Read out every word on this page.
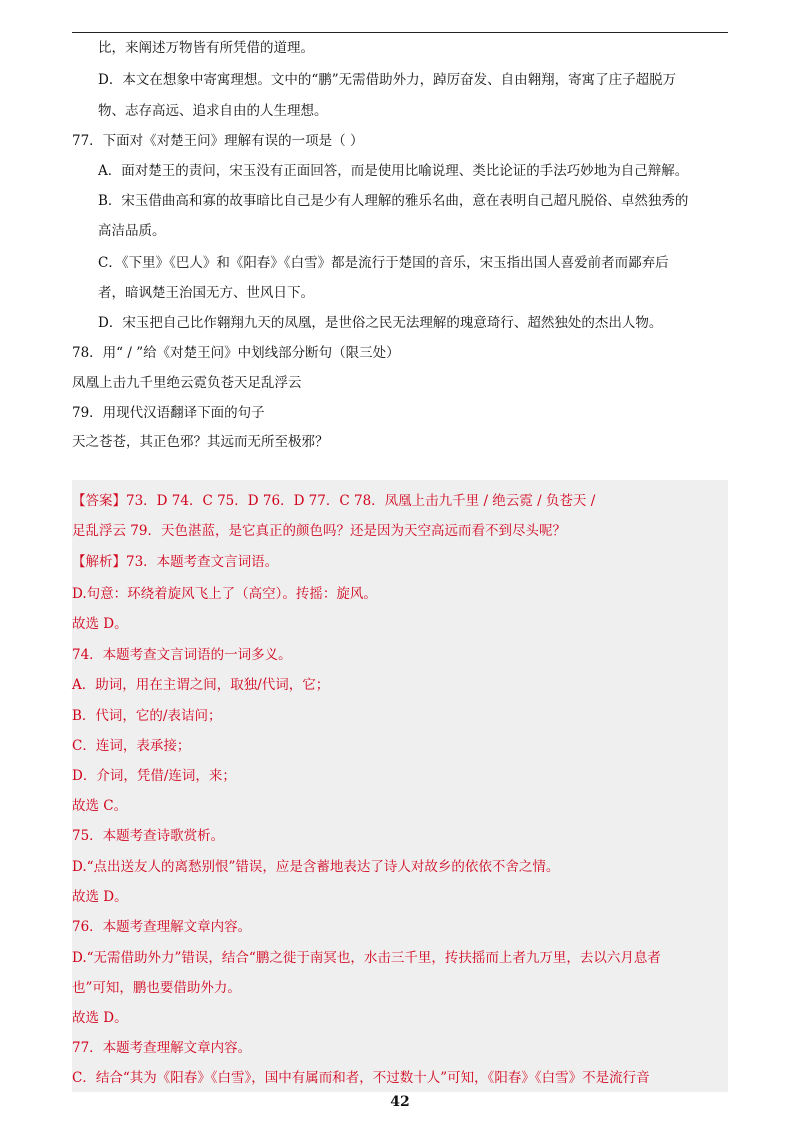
比，来阐述万物皆有所凭借的道理。
D．本文在想象中寄寓理想。文中的“鹏”无需借助外力，踔厉奋发、自由翱翔，寄寓了庄子超脱万
物、志存高远、追求自由的人生理想。
77．下面对《对楚王问》理解有误的一项是（ ）
A．面对楚王的责问，宋玉没有正面回答，而是使用比喻说理、类比论证的手法巧妙地为自己辩解。
B．宋玉借曲高和寡的故事暗比自己是少有人理解的雅乐名曲，意在表明自己超凡脱俗、卓然独秀的
高洁品质。
C．《下里》《巴人》和《阳春》《白雪》都是流行于楚国的音乐，宋玉指出国人喜爱前者而鄙弃后
者，暗讽楚王治国无方、世风日下。
D．宋玉把自己比作翱翔九天的凤凰，是世俗之民无法理解的瑰意琦行、超然独处的杰出人物。
78．用“ / ”给《对楚王问》中划线部分断句（限三处）
凤凰上击九千里绝云霓负苍天足乱浮云
79．用现代汉语翻译下面的句子
天之苍苍，其正色邪？其远而无所至极邪？
【答案】73．D 74．C 75．D 76．D 77．C 78．凤凰上击九千里 / 绝云霓 / 负苍天 /
足乱浮云 79．天色湛蓝，是它真正的颜色吗？还是因为天空高远而看不到尽头呢？
【解析】73．本题考查文言词语。
D.句意：环绕着旋风飞上了（高空）。抟摇：旋风。
故选 D。
74．本题考查文言词语的一词多义。
A．助词，用在主谓之间，取独/代词，它；
B．代词，它的/表诘问；
C．连词，表承接；
D．介词，凭借/连词，来；
故选 C。
75．本题考查诗歌赏析。
D.“点出送友人的离愁别恨”错误，应是含蓄地表达了诗人对故乡的依依不舍之情。
故选 D。
76．本题考查理解文章内容。
D.“无需借助外力”错误，结合“鹏之徙于南冥也，水击三千里，抟扶摇而上者九万里，去以六月息者
也”可知，鹏也要借助外力。
故选 D。
77．本题考查理解文章内容。
C．结合“其为《阳春》《白雪》，国中有属而和者，不过数十人”可知，《阳春》《白雪》不是流行音
42
